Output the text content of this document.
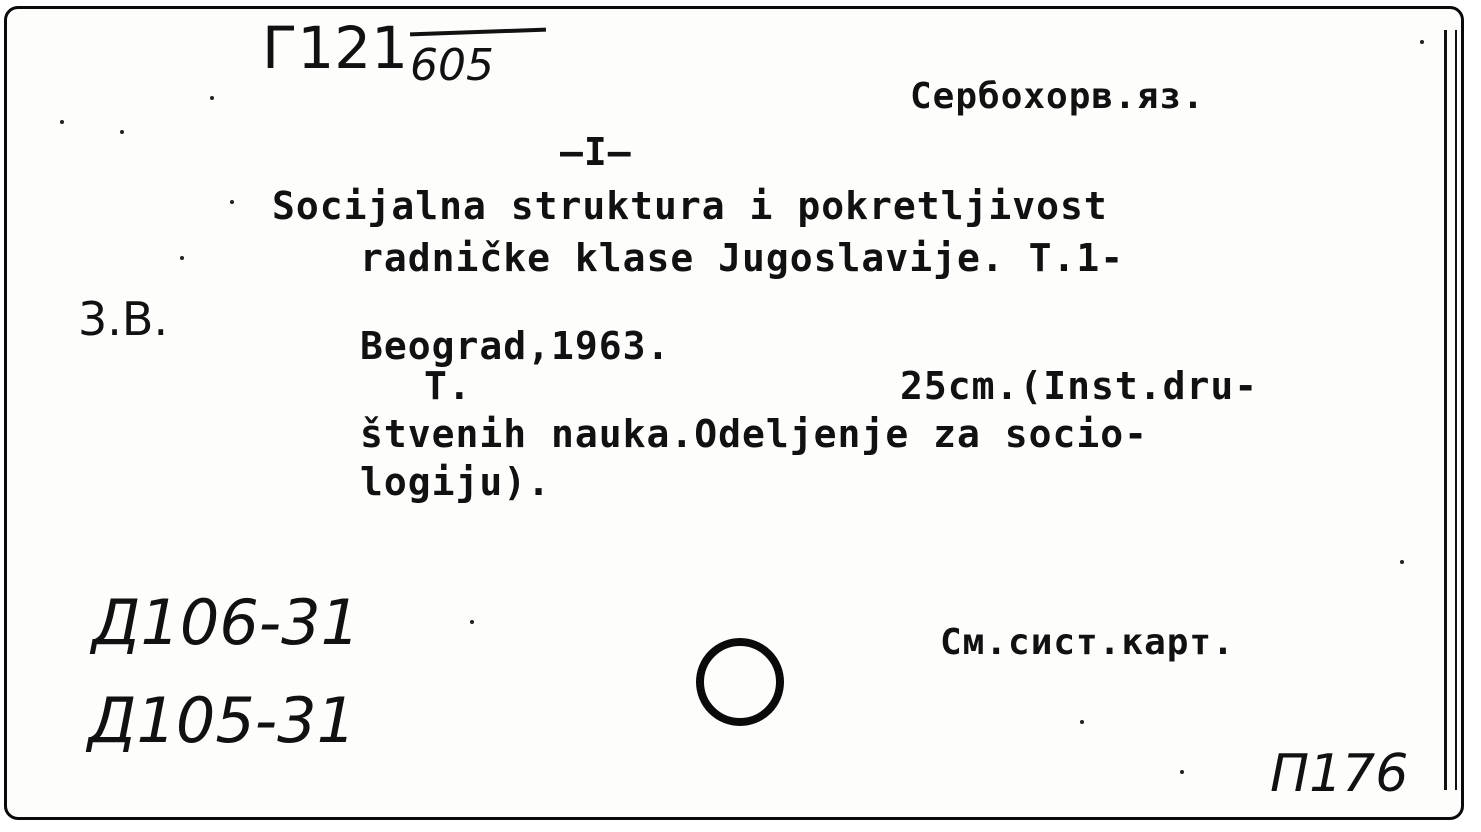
Г121 605
Сербохорв.яз.
—I—
Socijalna struktura i pokretljivost
radničke klase Jugoslavije. T.1-
3.B.	Beograd,1963.
T.	25cm.(Inst.dru-
štvenih nauka.Odeljenje za socio-
logiju).
Д106-31
Д105-31
См.сист.карт.
П176
